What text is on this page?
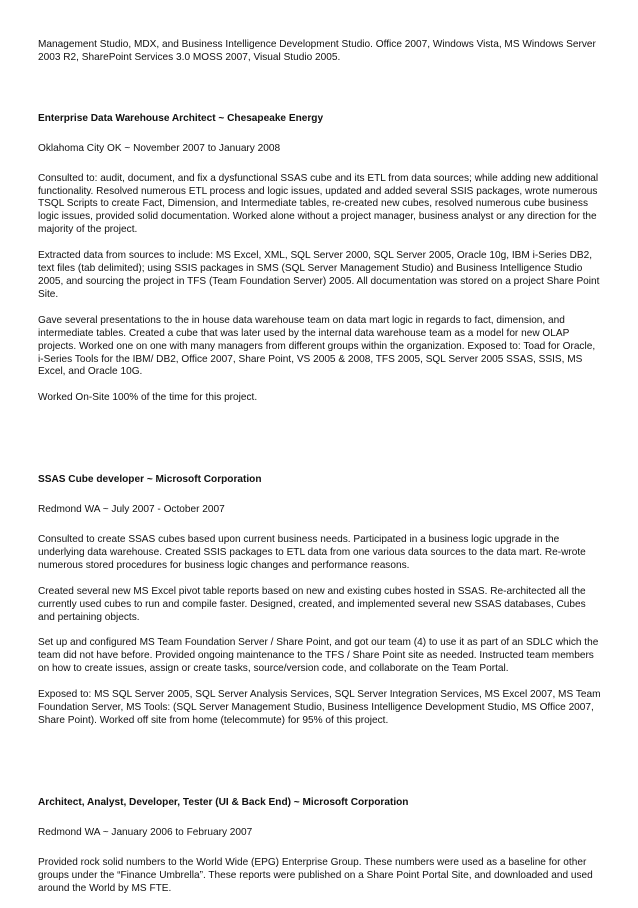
Management Studio, MDX, and Business Intelligence Development Studio. Office 2007, Windows Vista, MS Windows Server 2003 R2, SharePoint Services 3.0 MOSS 2007, Visual Studio 2005.

Enterprise Data Warehouse Architect ~ Chesapeake Energy

Oklahoma City OK ~ November 2007 to January 2008

Consulted to: audit, document, and fix a dysfunctional SSAS cube and its ETL from data sources; while adding new additional functionality. Resolved numerous ETL process and logic issues, updated and added several SSIS packages, wrote numerous TSQL Scripts to create Fact, Dimension, and Intermediate tables, re-created new cubes, resolved numerous cube business logic issues, provided solid documentation. Worked alone without a project manager, business analyst or any direction for the majority of the project.

Extracted data from sources to include: MS Excel, XML, SQL Server 2000, SQL Server 2005, Oracle 10g, IBM i-Series DB2, text files (tab delimited); using SSIS packages in SMS (SQL Server Management Studio) and Business Intelligence Studio 2005, and sourcing the project in TFS (Team Foundation Server) 2005. All documentation was stored on a project Share Point Site.

Gave several presentations to the in house data warehouse team on data mart logic in regards to fact, dimension, and intermediate tables. Created a cube that was later used by the internal data warehouse team as a model for new OLAP projects. Worked one on one with many managers from different groups within the organization. Exposed to: Toad for Oracle, i-Series Tools for the IBM/ DB2, Office 2007, Share Point, VS 2005 & 2008, TFS 2005, SQL Server 2005 SSAS, SSIS, MS Excel, and Oracle 10G.

Worked On-Site 100% of the time for this project.

SSAS Cube developer ~ Microsoft Corporation

Redmond WA ~ July 2007 - October 2007

Consulted to create SSAS cubes based upon current business needs. Participated in a business logic upgrade in the underlying data warehouse. Created SSIS packages to ETL data from one various data sources to the data mart. Re-wrote numerous stored procedures for business logic changes and performance reasons.

Created several new MS Excel pivot table reports based on new and existing cubes hosted in SSAS. Re-architected all the currently used cubes to run and compile faster. Designed, created, and implemented several new SSAS databases, Cubes and pertaining objects.

Set up and configured MS Team Foundation Server / Share Point, and got our team (4) to use it as part of an SDLC which the team did not have before. Provided ongoing maintenance to the TFS / Share Point site as needed. Instructed team members on how to create issues, assign or create tasks, source/version code, and collaborate on the Team Portal.

Exposed to: MS SQL Server 2005, SQL Server Analysis Services, SQL Server Integration Services, MS Excel 2007, MS Team Foundation Server, MS Tools: (SQL Server Management Studio, Business Intelligence Development Studio, MS Office 2007, Share Point). Worked off site from home (telecommute) for 95% of this project.

Architect, Analyst, Developer, Tester (UI & Back End) ~ Microsoft Corporation

Redmond WA ~ January 2006 to February 2007

Provided rock solid numbers to the World Wide (EPG) Enterprise Group. These numbers were used as a baseline for other groups under the “Finance Umbrella”. These reports were published on a Share Point Portal Site, and downloaded and used around the World by MS FTE.
